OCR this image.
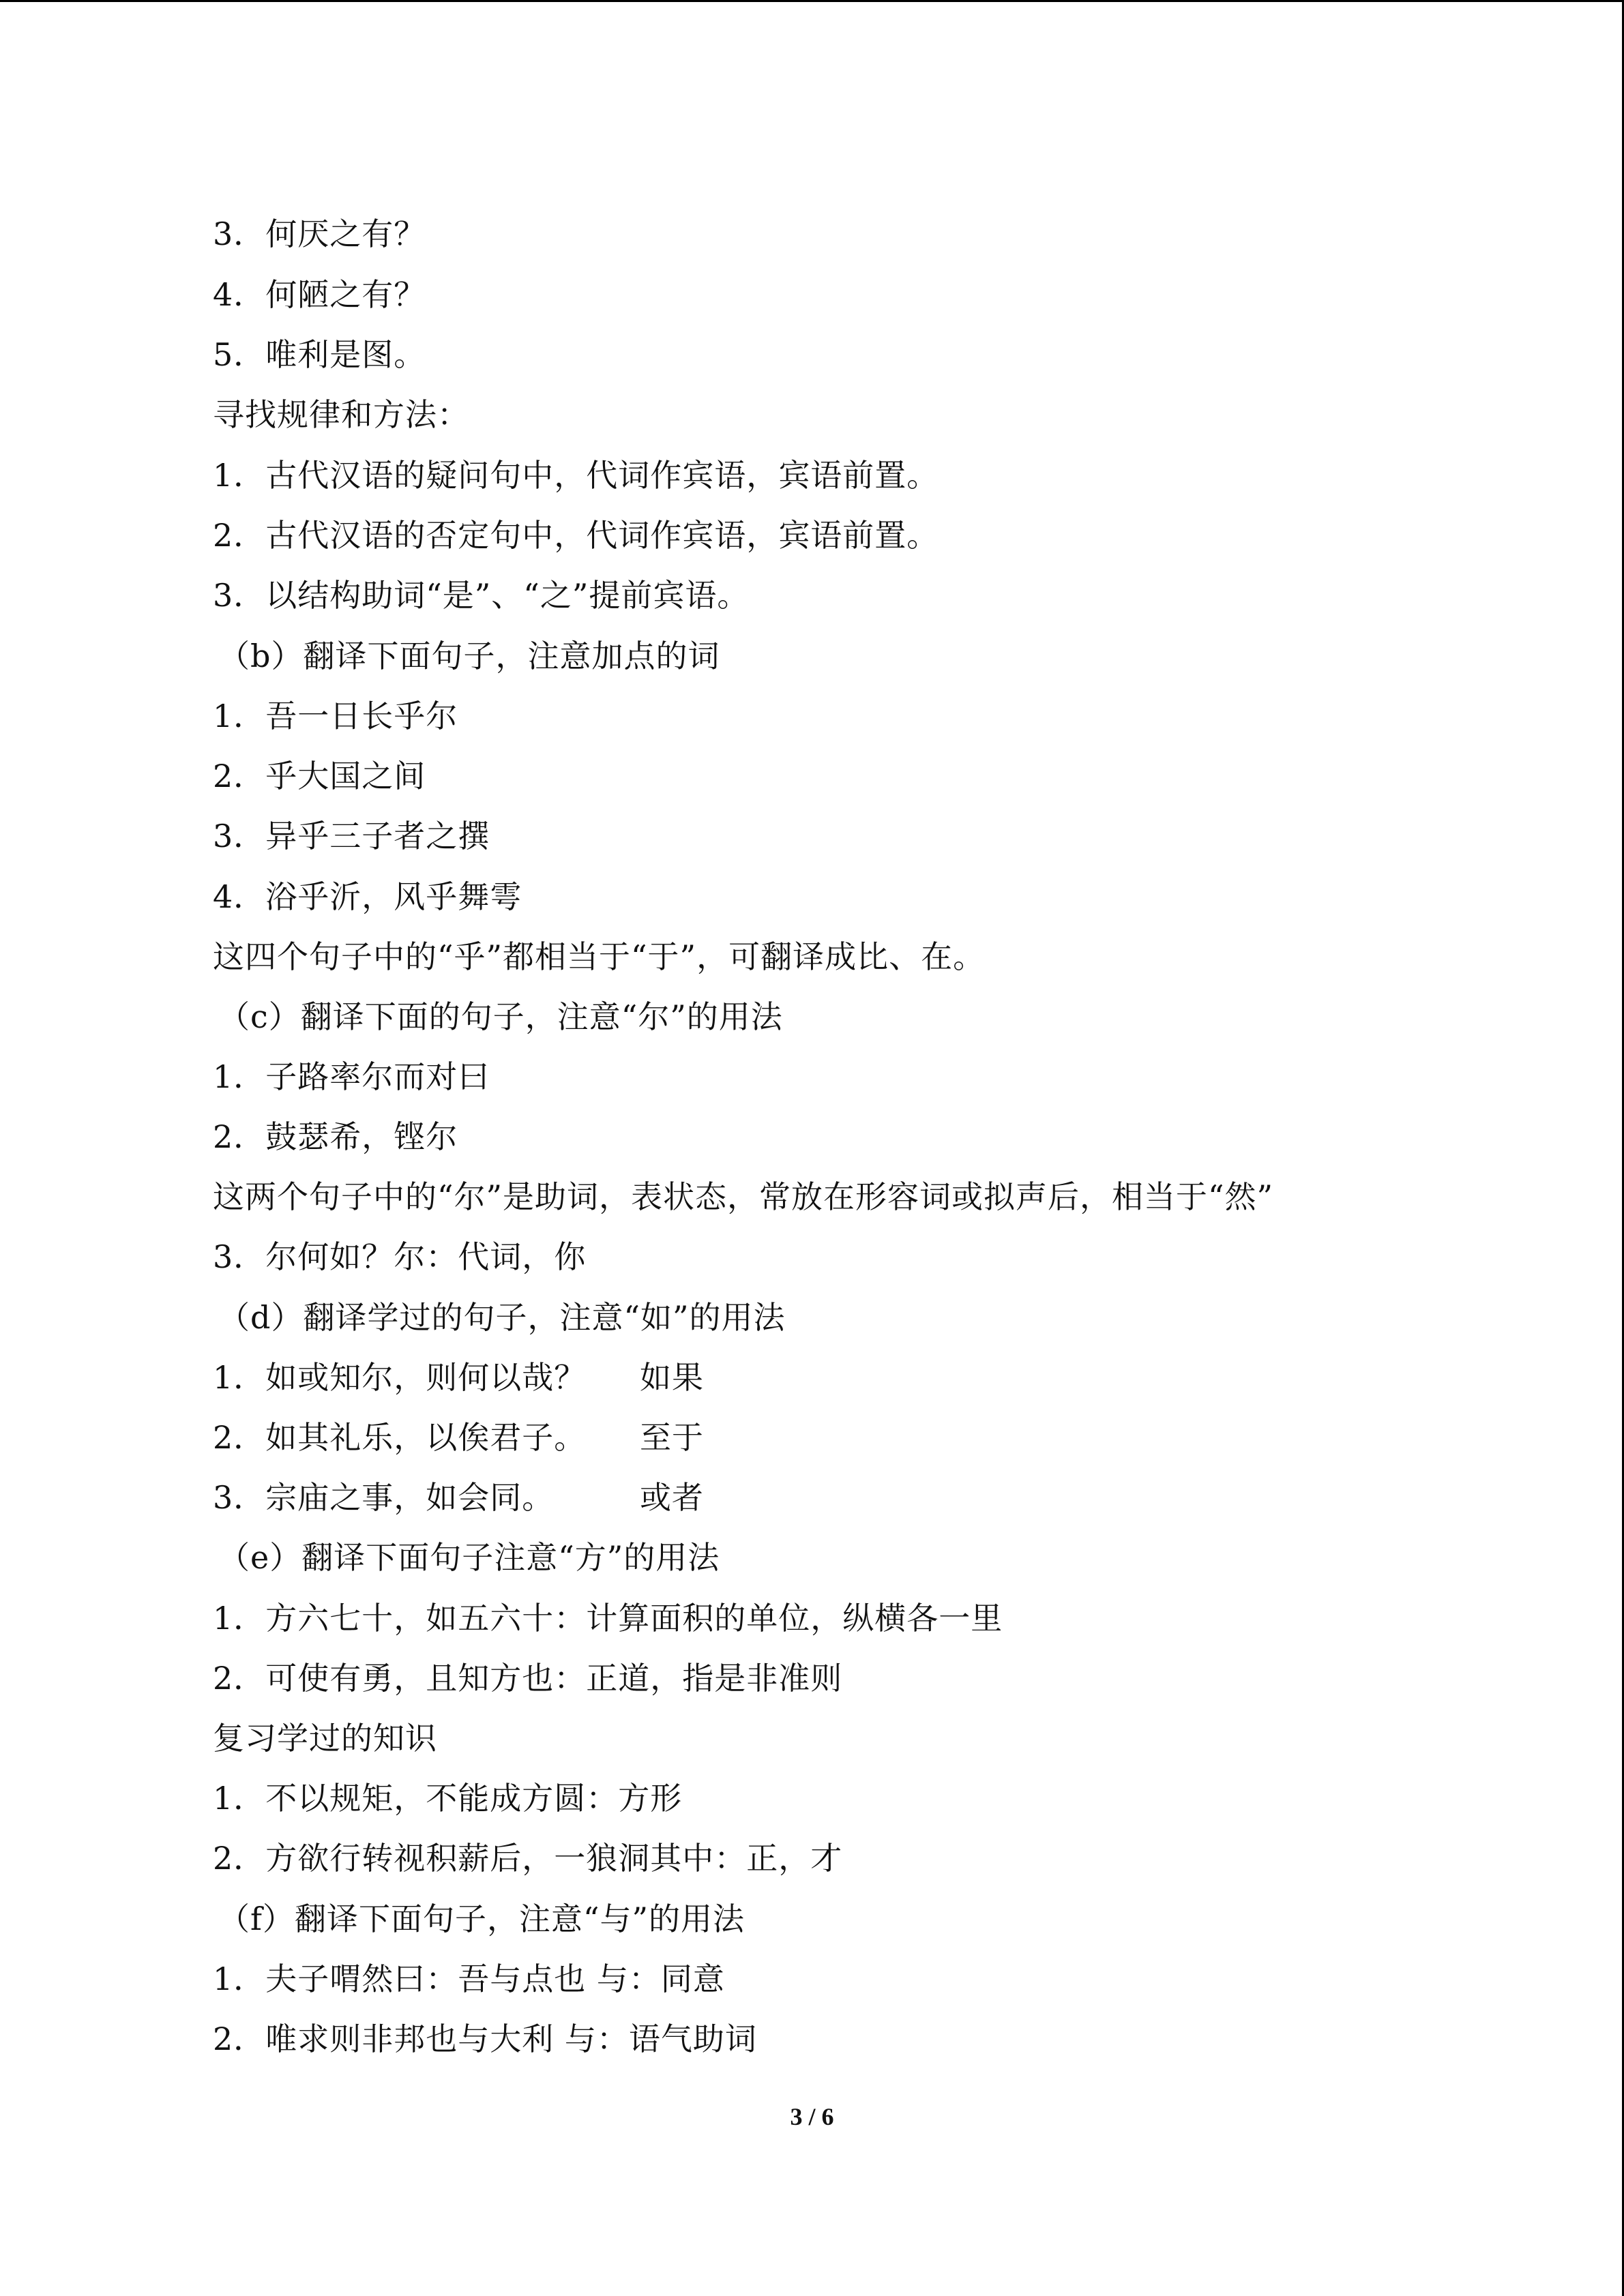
3．何厌之有？
4．何陋之有？
5．唯利是图。
寻找规律和方法：
1．古代汉语的疑问句中，代词作宾语，宾语前置。
2．古代汉语的否定句中，代词作宾语，宾语前置。
3．以结构助词“是”、“之”提前宾语。
（b）翻译下面句子，注意加点的词
1．吾一日长乎尔
2．乎大国之间
3．异乎三子者之撰
4．浴乎沂，风乎舞雩
这四个句子中的“乎”都相当于“于”，可翻译成比、在。
（c）翻译下面的句子，注意“尔”的用法
1．子路率尔而对曰
2．鼓瑟希，铿尔
这两个句子中的“尔”是助词，表状态，常放在形容词或拟声后，相当于“然”
3．尔何如？尔：代词，你
（d）翻译学过的句子，注意“如”的用法
1．如或知尔，则何以哉？ 如果
2．如其礼乐，以俟君子。 至于
3．宗庙之事，如会同。	或者
（e）翻译下面句子注意“方”的用法
1．方六七十，如五六十：计算面积的单位，纵横各一里
2．可使有勇，且知方也：正道，指是非准则
复习学过的知识
1．不以规矩，不能成方圆：方形
2．方欲行转视积薪后，一狼洞其中：正，才
（f）翻译下面句子，注意“与”的用法
1．夫子喟然曰：吾与点也 与：同意
2．唯求则非邦也与大利 与：语气助词
3 / 6
